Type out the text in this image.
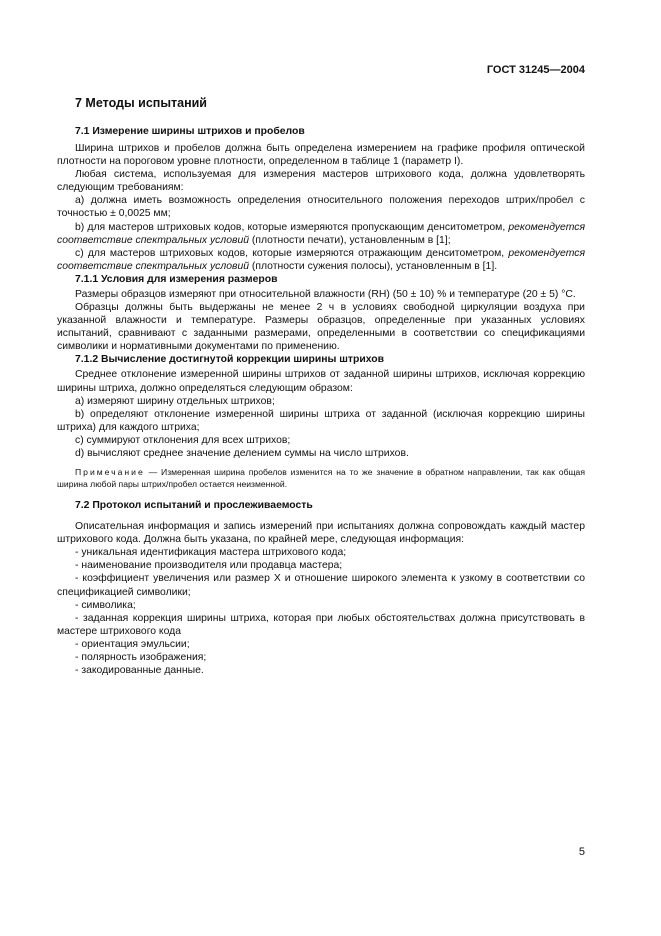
ГОСТ 31245—2004

7 Методы испытаний
7.1 Измерение ширины штрихов и пробелов

Ширина штрихов и пробелов должна быть определена измерением на графике профиля оптической плотности на пороговом уровне плотности, определенном в таблице 1 (параметр I).

Любая система, используемая для измерения мастеров штрихового кода, должна удовлетворять следующим требованиям:

а) должна иметь возможность определения относительного положения переходов штрих/пробел с точностью ± 0,0025 мм;

b) для мастеров штриховых кодов, которые измеряются пропускающим денситометром, рекомендуется соответствие спектральных условий (плотности печати), установленным в [1];

c) для мастеров штриховых кодов, которые измеряются отражающим денситометром, рекомендуется соответствие спектральных условий (плотности сужения полосы), установленным в [1].

7.1.1 Условия для измерения размеров

Размеры образцов измеряют при относительной влажности (RH) (50 ± 10) % и температуре (20 ± 5) °С.

Образцы должны быть выдержаны не менее 2 ч в условиях свободной циркуляции воздуха при указанной влажности и температуре. Размеры образцов, определенные при указанных условиях испытаний, сравнивают с заданными размерами, определенными в соответствии со спецификациями символики и нормативными документами по применению.

7.1.2 Вычисление достигнутой коррекции ширины штрихов

Среднее отклонение измеренной ширины штрихов от заданной ширины штрихов, исключая коррекцию ширины штриха, должно определяться следующим образом:

а) измеряют ширину отдельных штрихов;

b) определяют отклонение измеренной ширины штриха от заданной (исключая коррекцию ширины штриха) для каждого штриха;

c) суммируют отклонения для всех штрихов;

d) вычисляют среднее значение делением суммы на число штрихов.

Примечание — Измеренная ширина пробелов изменится на то же значение в обратном направлении, так как общая ширина любой пары штрих/пробел остается неизменной.

7.2 Протокол испытаний и прослеживаемость

Описательная информация и запись измерений при испытаниях должна сопровождать каждый мастер штрихового кода. Должна быть указана, по крайней мере, следующая информация:

- уникальная идентификация мастера штрихового кода;

- наименование производителя или продавца мастера;

- коэффициент увеличения или размер Х и отношение широкого элемента к узкому в соответствии со спецификацией символики;

- символика;

- заданная коррекция ширины штриха, которая при любых обстоятельствах должна присутствовать в мастере штрихового кода

- ориентация эмульсии;

- полярность изображения;

- закодированные данные.

5
